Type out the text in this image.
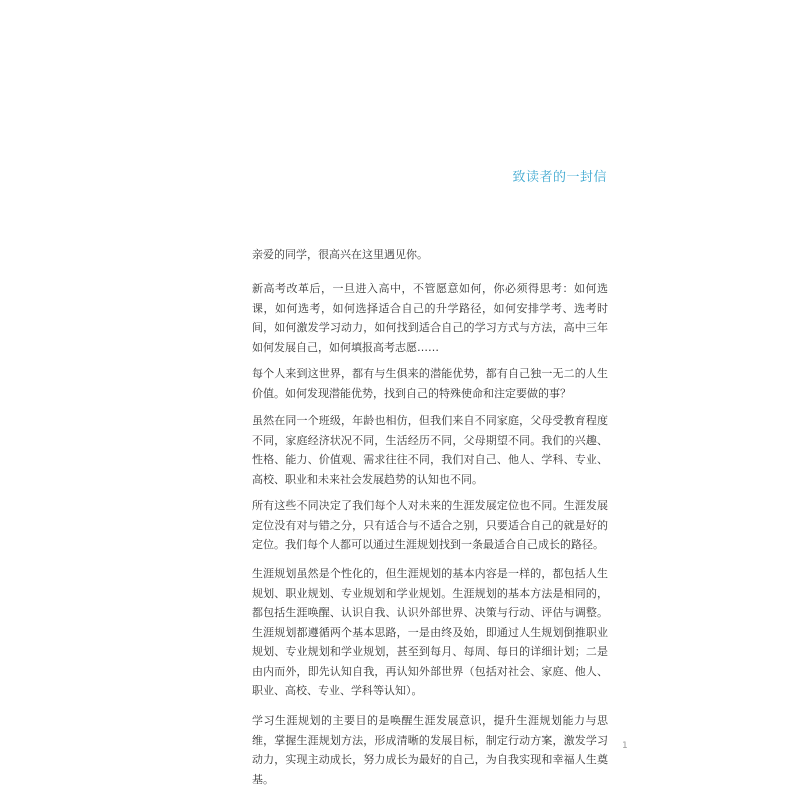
致读者的一封信

亲爱的同学，很高兴在这里遇见你。

新高考改革后，一旦进入高中，不管愿意如何，你必须得思考：如何选课，如何选考，如何选择适合自己的升学路径，如何安排学考、选考时间，如何激发学习动力，如何找到适合自己的学习方式与方法，高中三年如何发展自己，如何填报高考志愿……

每个人来到这世界，都有与生俱来的潜能优势，都有自己独一无二的人生价值。如何发现潜能优势，找到自己的特殊使命和注定要做的事？

虽然在同一个班级，年龄也相仿，但我们来自不同家庭，父母受教育程度不同，家庭经济状况不同，生活经历不同，父母期望不同。我们的兴趣、性格、能力、价值观、需求往往不同，我们对自己、他人、学科、专业、高校、职业和未来社会发展趋势的认知也不同。

所有这些不同决定了我们每个人对未来的生涯发展定位也不同。生涯发展定位没有对与错之分，只有适合与不适合之别，只要适合自己的就是好的定位。我们每个人都可以通过生涯规划找到一条最适合自己成长的路径。

生涯规划虽然是个性化的，但生涯规划的基本内容是一样的，都包括人生规划、职业规划、专业规划和学业规划。生涯规划的基本方法是相同的，都包括生涯唤醒、认识自我、认识外部世界、决策与行动、评估与调整。生涯规划都遵循两个基本思路，一是由终及始，即通过人生规划倒推职业规划、专业规划和学业规划，甚至到每月、每周、每日的详细计划；二是由内而外，即先认知自我，再认知外部世界（包括对社会、家庭、他人、职业、高校、专业、学科等认知）。

学习生涯规划的主要目的是唤醒生涯发展意识，提升生涯规划能力与思维，掌握生涯规划方法，形成清晰的发展目标，制定行动方案，激发学习动力，实现主动成长，努力成长为最好的自己，为自我实现和幸福人生奠基。

1
